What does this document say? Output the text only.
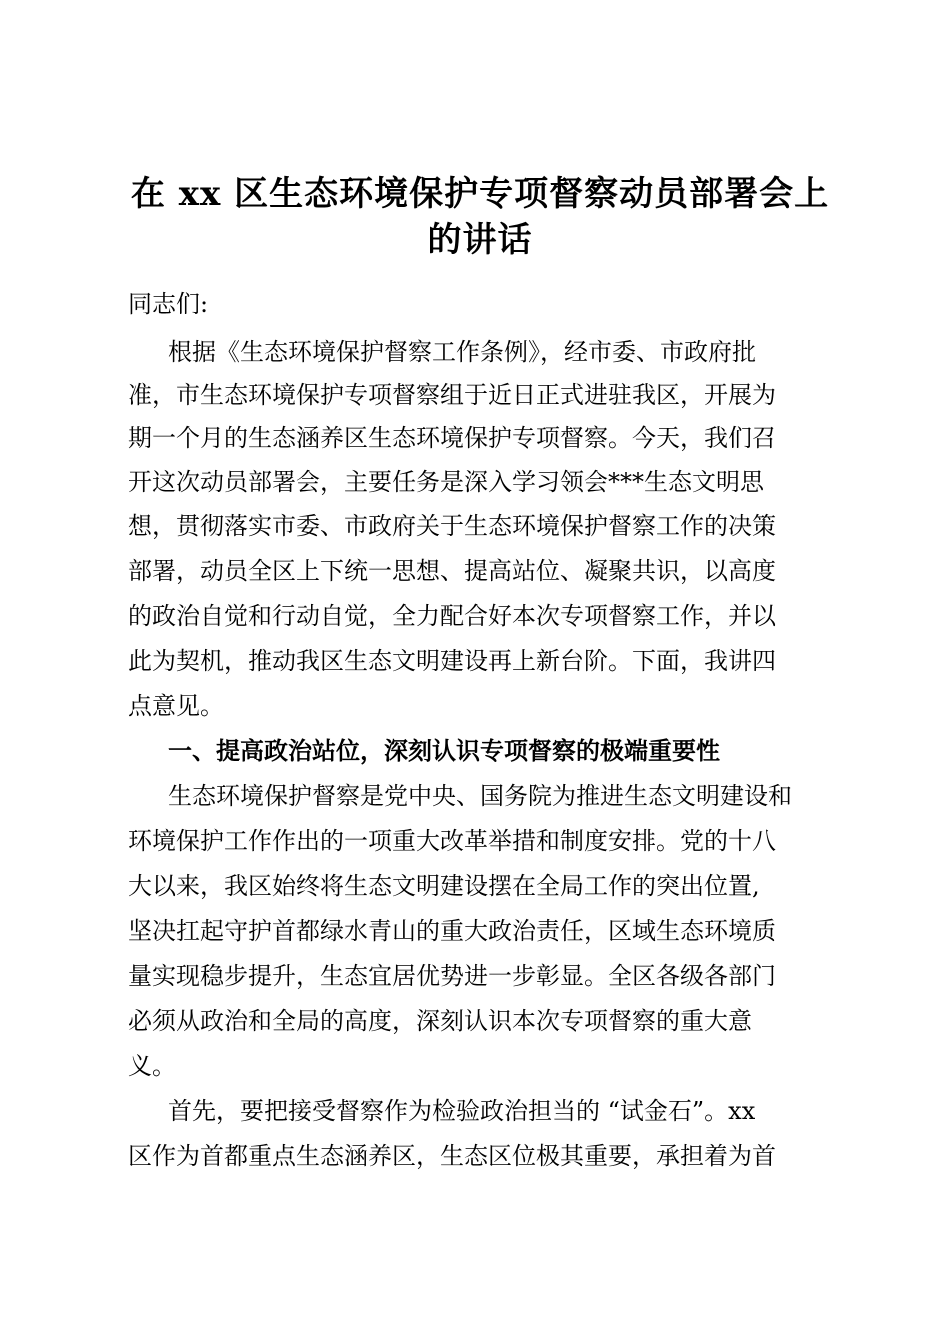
在 xx 区生态环境保护专项督察动员部署会上
的讲话
同志们:
根据《生态环境保护督察工作条例》，经市委、市政府批
准，市生态环境保护专项督察组于近日正式进驻我区，开展为
期一个月的生态涵养区生态环境保护专项督察。今天，我们召
开这次动员部署会，主要任务是深入学习领会***生态文明思
想，贯彻落实市委、市政府关于生态环境保护督察工作的决策
部署，动员全区上下统一思想、提高站位、凝聚共识，以高度
的政治自觉和行动自觉，全力配合好本次专项督察工作，并以
此为契机，推动我区生态文明建设再上新台阶。下面，我讲四
点意见。
一、提高政治站位，深刻认识专项督察的极端重要性
生态环境保护督察是党中央、国务院为推进生态文明建设和
环境保护工作作出的一项重大改革举措和制度安排。党的十八
大以来，我区始终将生态文明建设摆在全局工作的突出位置,
坚决扛起守护首都绿水青山的重大政治责任，区域生态环境质
量实现稳步提升，生态宜居优势进一步彰显。全区各级各部门
必须从政治和全局的高度，深刻认识本次专项督察的重大意
义。
首先，要把接受督察作为检验政治担当的 “试金石”。xx
区作为首都重点生态涵养区，生态区位极其重要，承担着为首
